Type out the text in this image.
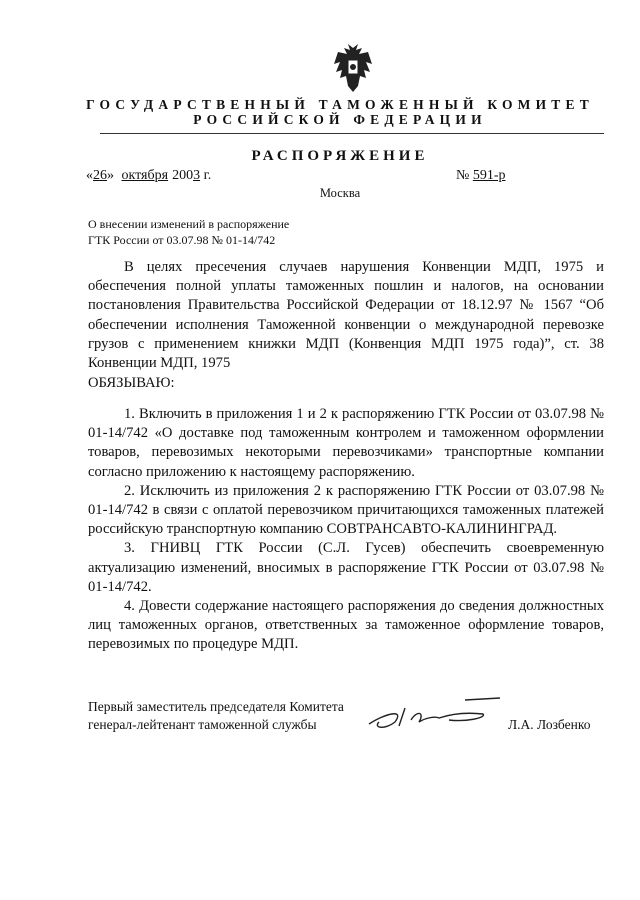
ГОСУДАРСТВЕННЫЙ ТАМОЖЕННЫЙ КОМИТЕТ
РОССИЙСКОЙ ФЕДЕРАЦИИ
РАСПОРЯЖЕНИЕ
«26» октября 2003 г.	№ 591-р
Москва
О внесении изменений в распоряжение
ГТК России от 03.07.98 № 01-14/742

В целях пресечения случаев нарушения Конвенции МДП, 1975 и обеспечения полной уплаты таможенных пошлин и налогов, на основании постановления Правительства Российской Федерации от 18.12.97 № 1567 “Об обеспечении исполнения Таможенной конвенции о международной перевозке грузов с применением книжки МДП (Конвенция МДП 1975 года)”, ст. 38 Конвенции МДП, 1975

ОБЯЗЫВАЮ:

1. Включить в приложения 1 и 2 к распоряжению ГТК России от 03.07.98 № 01-14/742 «О доставке под таможенным контролем и таможенном оформлении товаров, перевозимых некоторыми перевозчиками» транспортные компании согласно приложению к настоящему распоряжению.

2. Исключить из приложения 2 к распоряжению ГТК России от 03.07.98 № 01-14/742 в связи с оплатой перевозчиком причитающихся таможенных платежей российскую транспортную компанию СОВТРАНСАВТО-КАЛИНИНГРАД.

3. ГНИВЦ ГТК России (С.Л. Гусев) обеспечить своевременную актуализацию изменений, вносимых в распоряжение ГТК России от 03.07.98 № 01-14/742.

4. Довести содержание настоящего распоряжения до сведения должностных лиц таможенных органов, ответственных за таможенное оформление товаров, перевозимых по процедуре МДП.

Первый заместитель председателя Комитета
генерал-лейтенант таможенной службы	Л.А. Лозбенко
